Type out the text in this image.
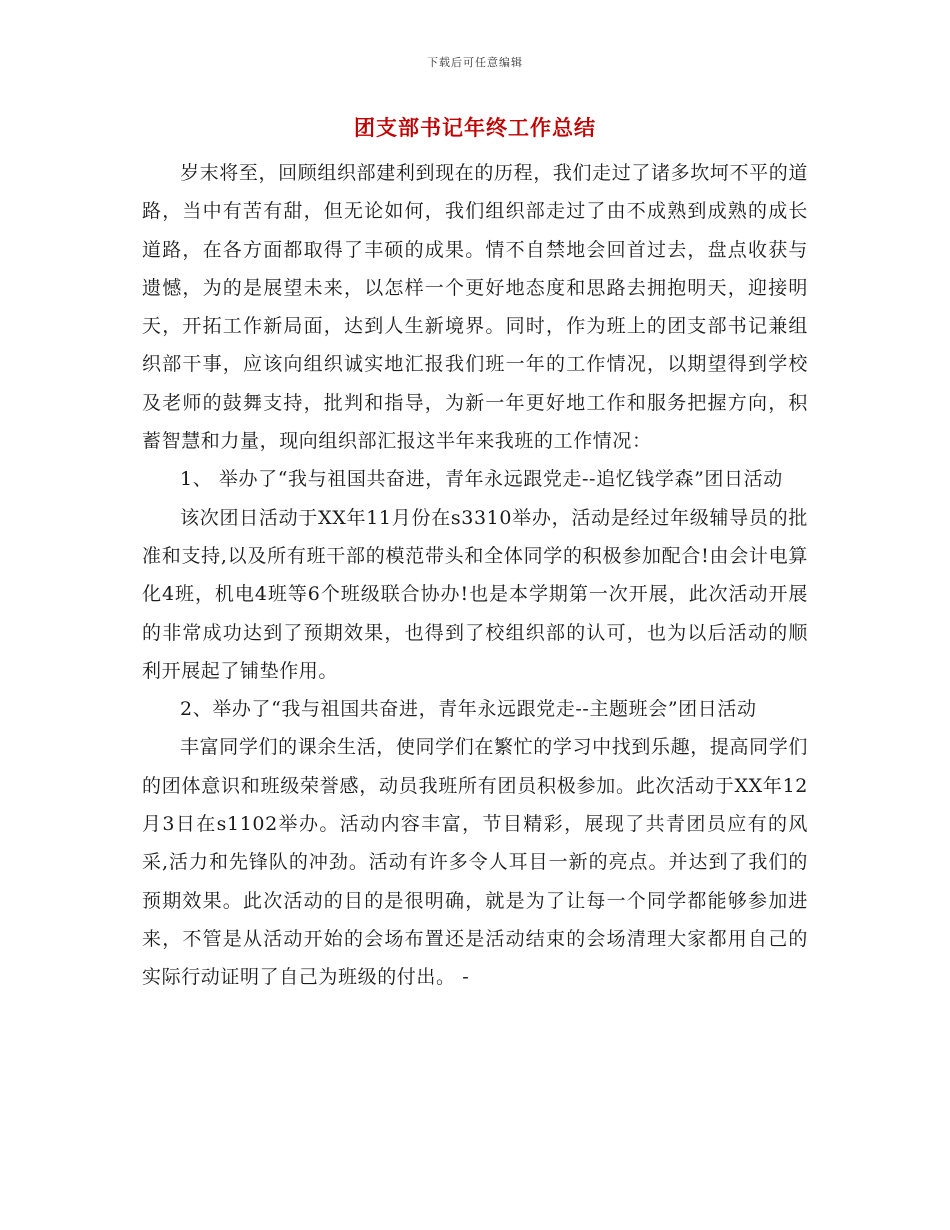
下载后可任意编辑
团支部书记年终工作总结

岁末将至，回顾组织部建利到现在的历程，我们走过了诸多坎坷不平的道路，当中有苦有甜，但无论如何，我们组织部走过了由不成熟到成熟的成长道路，在各方面都取得了丰硕的成果。情不自禁地会回首过去，盘点收获与遗憾，为的是展望未来，以怎样一个更好地态度和思路去拥抱明天，迎接明天，开拓工作新局面，达到人生新境界。同时，作为班上的团支部书记兼组织部干事，应该向组织诚实地汇报我们班一年的工作情况，以期望得到学校及老师的鼓舞支持，批判和指导，为新一年更好地工作和服务把握方向，积蓄智慧和力量，现向组织部汇报这半年来我班的工作情况：

1、 举办了“我与祖国共奋进，青年永远跟党走--追忆钱学森”团日活动

该次团日活动于XX年11月份在s3310举办，活动是经过年级辅导员的批准和支持,以及所有班干部的模范带头和全体同学的积极参加配合!由会计电算化4班，机电4班等6个班级联合协办!也是本学期第一次开展，此次活动开展的非常成功达到了预期效果，也得到了校组织部的认可，也为以后活动的顺利开展起了铺垫作用。

2、举办了“我与祖国共奋进，青年永远跟党走--主题班会”团日活动

丰富同学们的课余生活，使同学们在繁忙的学习中找到乐趣，提高同学们的团体意识和班级荣誉感，动员我班所有团员积极参加。此次活动于XX年12月3日在s1102举办。活动内容丰富，节目精彩，展现了共青团员应有的风采,活力和先锋队的冲劲。活动有许多令人耳目一新的亮点。并达到了我们的预期效果。此次活动的目的是很明确，就是为了让每一个同学都能够参加进来，不管是从活动开始的会场布置还是活动结束的会场清理大家都用自己的实际行动证明了自己为班级的付出。 -
